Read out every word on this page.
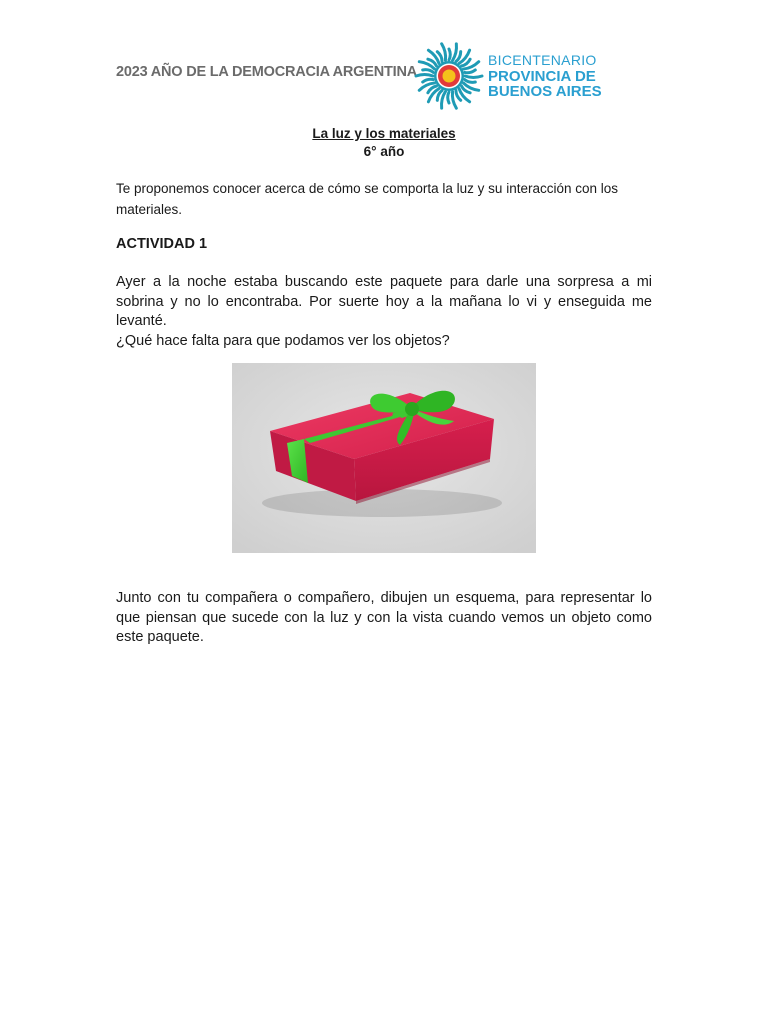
2023 AÑO DE LA DEMOCRACIA ARGENTINA
BICENTENARIO
PROVINCIA DE
BUENOS AIRES
La luz y los materiales
6° año
Te proponemos conocer acerca de cómo se comporta la luz y su interacción con los materiales.
ACTIVIDAD 1

Ayer a la noche estaba buscando este paquete para darle una sorpresa a mi sobrina y no lo encontraba. Por suerte hoy a la mañana lo vi y enseguida me levanté.

¿Qué hace falta para que podamos ver los objetos?

Junto con tu compañera o compañero, dibujen un esquema, para representar lo que piensan que sucede con la luz y con la vista cuando vemos un objeto como este paquete.
